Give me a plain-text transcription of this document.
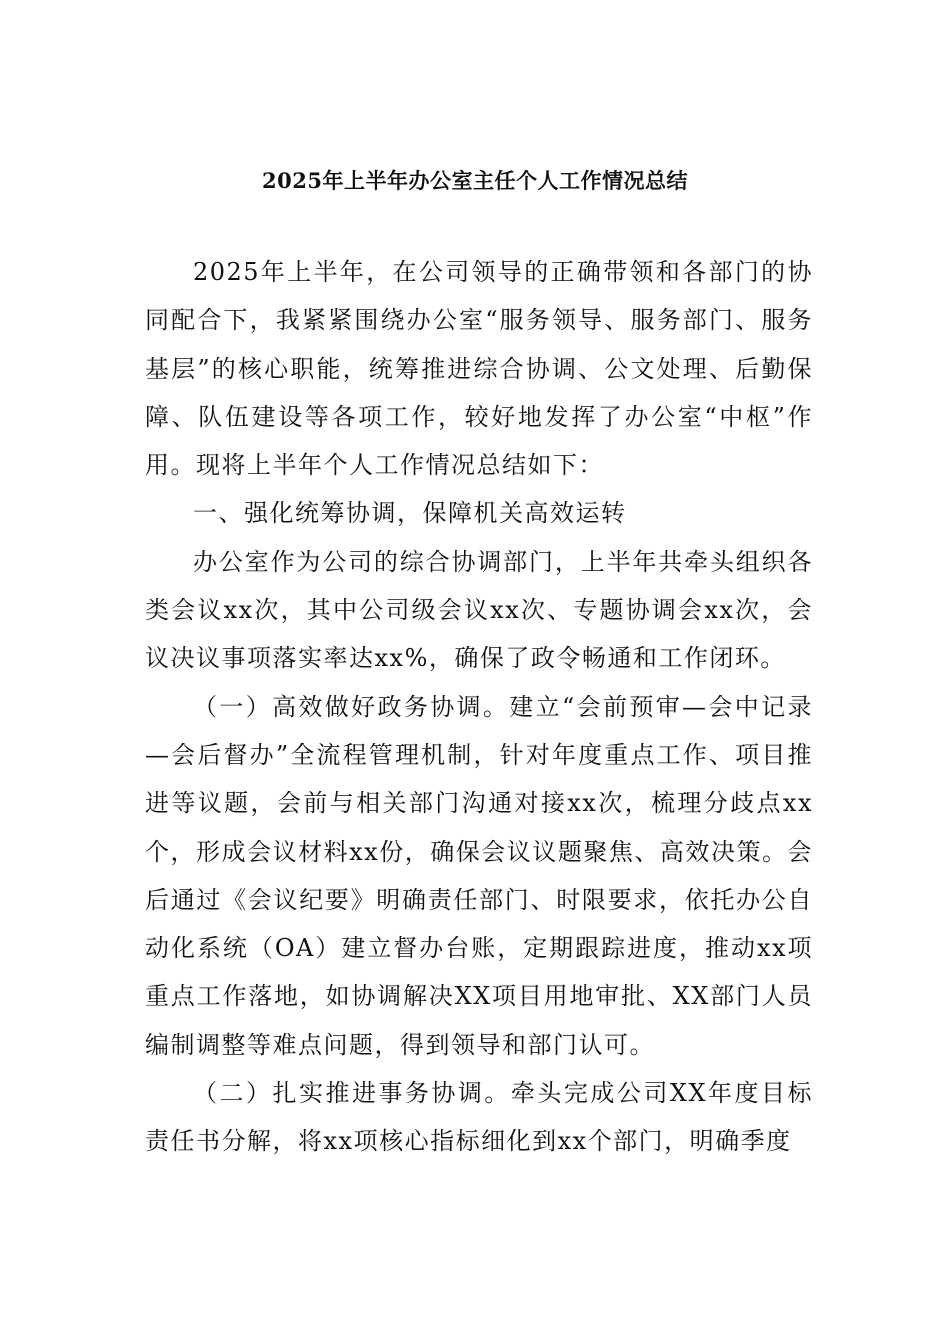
2025年上半年办公室主任个人工作情况总结

2025年上半年，在公司领导的正确带领和各部门的协同配合下，我紧紧围绕办公室“服务领导、服务部门、服务基层”的核心职能，统筹推进综合协调、公文处理、后勤保障、队伍建设等各项工作，较好地发挥了办公室“中枢”作用。现将上半年个人工作情况总结如下：

一、强化统筹协调，保障机关高效运转

办公室作为公司的综合协调部门，上半年共牵头组织各类会议xx次，其中公司级会议xx次、专题协调会xx次，会议决议事项落实率达xx%，确保了政令畅通和工作闭环。

（一）高效做好政务协调。建立“会前预审—会中记录—会后督办”全流程管理机制，针对年度重点工作、项目推进等议题，会前与相关部门沟通对接xx次，梳理分歧点xx个，形成会议材料xx份，确保会议议题聚焦、高效决策。会后通过《会议纪要》明确责任部门、时限要求，依托办公自动化系统（OA）建立督办台账，定期跟踪进度，推动xx项重点工作落地，如协调解决XX项目用地审批、XX部门人员编制调整等难点问题，得到领导和部门认可。

（二）扎实推进事务协调。牵头完成公司XX年度目标责任书分解，将xx项核心指标细化到xx个部门，明确季度
